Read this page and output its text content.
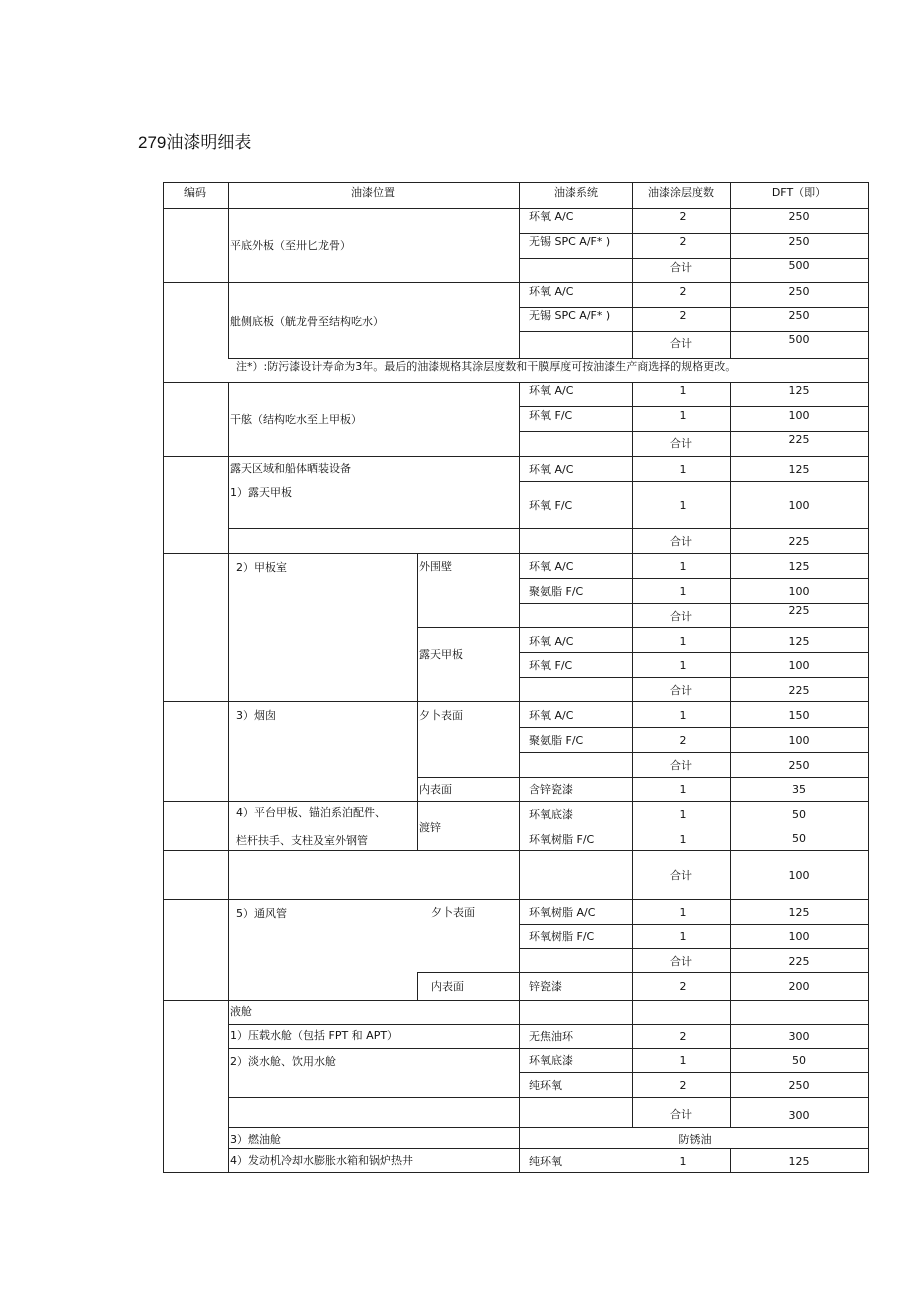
279油漆明细表
编码	油漆位置	油漆系统	油漆涂层度数	DFT（即）
平底外板（至卅匕龙骨）
环氧 A/C	2	250
无锡 SPC A/F* )	2	250
合计	500
舭侧底板（觥龙骨至结构吃水）
环氧 A/C	2	250
无锡 SPC A/F* )	2	250
合计	500
注*）:防污漆设计寿命为3年。最后的油漆规格其涂层度数和干膜厚度可按油漆生产商选择的规格更改。
干舷（结构吃水至上甲板）
环氧 A/C	1	125
环氧 F/C	1	100
合计	225
露天区域和船体晒装设备
1）露天甲板
环氧 A/C	1	125
环氧 F/C	1	100
合计	225
2）甲板室	外围壁	环氧 A/C	1	125
聚氨脂 F/C	1	100
合计	225
露天甲板
环氧 A/C	1	125
环氧 F/C	1	100
合计	225
3）烟囱	夕卜表面	环氧 A/C	1	150
聚氨脂 F/C	2	100
合计	250
内表面	含锌瓷漆	1	35
4）平台甲板、锚泊系泊配件、
栏杆扶手、支柱及室外钢管
渡锌
环氧底漆	1	50
环氧树脂 F/C	1	50
合计	100
5）通风管	夕卜表面	环氧树脂 A/C	1	125
环氧树脂 F/C	1	100
合计	225
内表面	锌瓷漆	2	200
液舱
1）压载水舱（包括 FPT 和 APT）	无焦油环	2	300
2）淡水舱、饮用水舱	环氧底漆	1	50
纯环氧	2	250
合计	300
3）燃油舱	防锈油
4）发动机冷却水膨胀水箱和锅炉热井	纯环氧	1	125
